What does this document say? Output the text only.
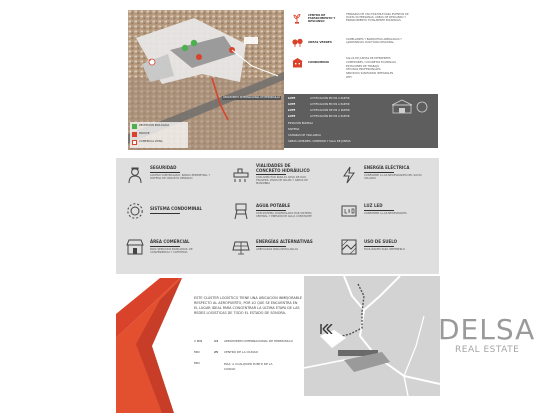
2
AEROPUERTO INTERNACIONAL DE HERMOSILLO
RECEPCIÓN BIOLÓGICA
PARQUE
COMERCIAL ZONA
CENTRO DE ESPARCIMIENTO Y DESCANSO
TERRAZAS DE USO MÚLTIPLE PARA EVENTOS DE HASTA 50 PERSONAS, ÁREAS DE DESCANSO Y ESPARCIMIENTO TOTALMENTE EQUIPADAS
ÁREAS VERDES
CAMELLONES Y BANQUETAS ARBOLADAS Y AJARDINADAS CON FLORA REGIONAL
CONDOMINIO
SALAS DE JUNTAS DE DIFERENTES
COMEDORES / COCINETAS EQUIPADAS
ESTACIONES DE TRABAJO
OFICINAS PROFESIONALES
SERVICIOS SANITARIOS INTEGRALES
WIFI
LOTE	LOTIFICACIÓN EN M2 A PARTIR
LOTE	LOTIFICACIÓN EN M2 A PARTIR
LOTE	LOTIFICACIÓN DE M2 A PARTIR
LOTE	LOTIFICACIÓN EN M2 A PARTIR
ESTACIÓN BODEGA
SISTEMA
CÁMARAS DE VIGILANCIA
ÁREAS COMUNES, COMEDOR Y SALA DE JUNTAS
SEGURIDAD
ACCESO CONTROLADO, BARDA PERIMETRAL Y SISTEMA DE CIRCUITO CERRADO
VIALIDADES DE CONCRETO HIDRÁULICO
CON AMPLITUD PARA EL PASO DE DOS TRAILERS, PISOS DE PALMA Y ÁREAS DE MANIOBRA
ENERGÍA ELÉCTRICA
CONFORME A LAS NECESIDADES DEL SOCIO USUARIO
SISTEMA CONDOMINAL
AGUA POTABLE
CON SISTEMA CONTROLADO POR SISTEMA CENTRAL Y PRESIÓN DE AGUA CONSTANTE
LUZ LED
CONFORME A LAS NECESIDADES
ÁREA COMERCIAL
PARA SERVICIOS BANCARIOS, DE CONVENIENCIA Y CAFETERÍA
ENERGÍAS ALTERNATIVAS
ADECUADAS PARA INSTALARLAS
USO DE SUELO
FACILIDADES PARA OBTENERLO
ESTE CLÚSTER LOGÍSTICO TIENE UNA UBICACIÓN INMEJORABLE RESPECTO AL AEROPUERTO, POR LO QUE SE ENCUENTRA EN EL LUGAR IDEAL PARA CONCENTRAR LA ÚLTIMA ETAPA DE LAS REDES LOGÍSTICAS DE TODO EL ESTADO DE SONORA.
2 MIN	14 AEROPUERTO INTERNACIONAL DE HERMOSILLO
MIN	25 CENTRO DE LA CIUDAD
MIN	MÁX. A CUALQUIER PUNTO DE LA CIUDAD
DELSA
REAL ESTATE
